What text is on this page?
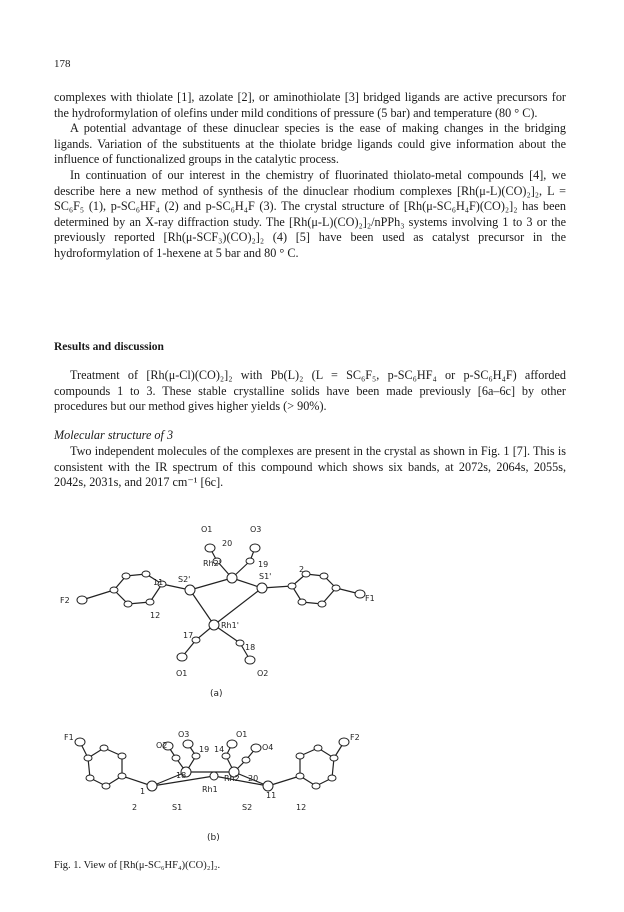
178

complexes with thiolate [1], azolate [2], or aminothiolate [3] bridged ligands are active precursors for the hydroformylation of olefins under mild conditions of pressure (5 bar) and temperature (80 ° C).

A potential advantage of these dinuclear species is the ease of making changes in the bridging ligands. Variation of the substituents at the thiolate bridge ligands could give information about the influence of functionalized groups in the catalytic process.

In continuation of our interest in the chemistry of fluorinated thiolato-metal compounds [4], we describe here a new method of synthesis of the dinuclear rhodium complexes [Rh(μ-L)(CO)₂]₂, L = SC₆F₅ (1), p-SC₆HF₄ (2) and p-SC₆H₄F (3). The crystal structure of [Rh(μ-SC₆H₄F)(CO)₂]₂ has been determined by an X-ray diffraction study. The [Rh(μ-L)(CO)₂]₂/nPPh₃ systems involving 1 to 3 or the previously reported [Rh(μ-SCF₃)(CO)₂]₂ (4) [5] have been used as catalyst precursor in the hydroformylation of 1-hexene at 5 bar and 80 ° C.

Results and discussion
Treatment of [Rh(μ-Cl)(CO)₂]₂ with Pb(L)₂ (L = SC₆F₅, p-SC₆HF₄ or p-SC₆H₄F) afforded compounds 1 to 3. These stable crystalline solids have been made previously [6a–6c] by other procedures but our method gives higher yields (> 90%).
Molecular structure of 3
Two independent molecules of the complexes are present in the crystal as shown in Fig. 1 [7]. This is consistent with the IR spectrum of this compound which shows six bands, at 2072s, 2064s, 2055s, 2042s, 2031s, and 2017 cm⁻¹ [6c].
O1	O3
20
Rh2'	19
11 S2'	S1'
2
F2	F1
12
Rh1'
17
18
O1	O2
(a)
F1	F2
O3	O1
O2	19 14	O4
18	Rh2 20
Rh1
1	11
2	S1	S2	12
(b)
Fig. 1. View of [Rh(μ-SC₆HF₄)(CO)₂]₂.
